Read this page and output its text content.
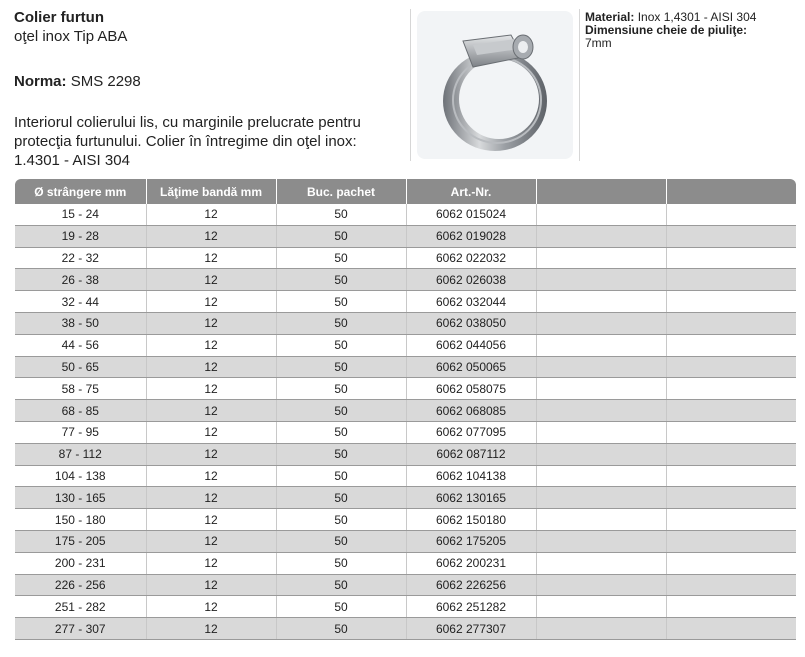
Colier furtun
oţel inox Tip ABA
Norma: SMS 2298
Interiorul colierului lis, cu marginile prelucrate pentru protecţia furtunului. Colier în întregime din oţel inox: 1.4301 - AISI 304
Material: Inox 1,4301 - AISI 304
Dimensiune cheie de piuliţe:
7mm
Ø strângere mm	Lăţime bandă mm	Buc. pachet	Art.-Nr.		
15 - 24	12	50	6062 015024		
19 - 28	12	50	6062 019028		
22 - 32	12	50	6062 022032		
26 - 38	12	50	6062 026038		
32 - 44	12	50	6062 032044		
38 - 50	12	50	6062 038050		
44 - 56	12	50	6062 044056		
50 - 65	12	50	6062 050065		
58 - 75	12	50	6062 058075		
68 - 85	12	50	6062 068085		
77 - 95	12	50	6062 077095		
87 - 112	12	50	6062 087112		
104 - 138	12	50	6062 104138		
130 - 165	12	50	6062 130165		
150 - 180	12	50	6062 150180		
175 - 205	12	50	6062 175205		
200 - 231	12	50	6062 200231		
226 - 256	12	50	6062 226256		
251 - 282	12	50	6062 251282		
277 - 307	12	50	6062 277307		
